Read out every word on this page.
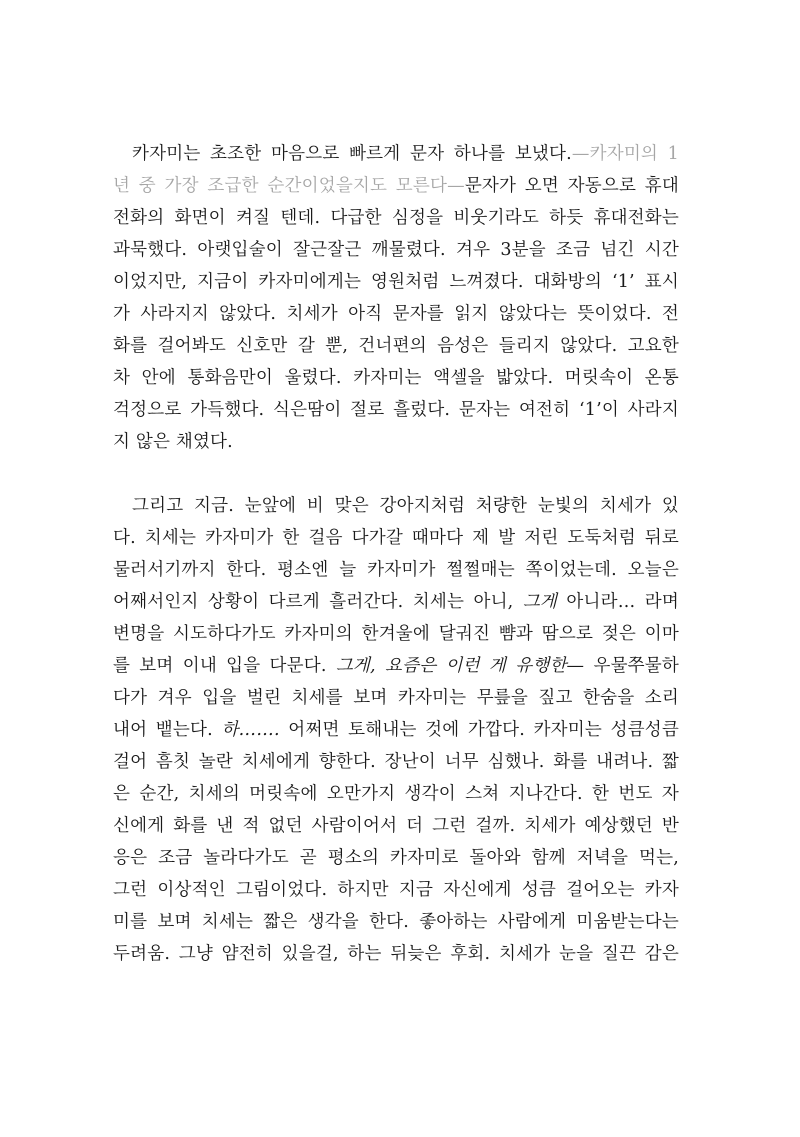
카자미는 초조한 마음으로 빠르게 문자 하나를 보냈다.—카자미의 1
년 중 가장 조급한 순간이었을지도 모른다—문자가 오면 자동으로 휴대
전화의 화면이 켜질 텐데. 다급한 심정을 비웃기라도 하듯 휴대전화는
과묵했다. 아랫입술이 잘근잘근 깨물렸다. 겨우 3분을 조금 넘긴 시간
이었지만, 지금이 카자미에게는 영원처럼 느껴졌다. 대화방의 ‘1’ 표시
가 사라지지 않았다. 치세가 아직 문자를 읽지 않았다는 뜻이었다. 전
화를 걸어봐도 신호만 갈 뿐, 건너편의 음성은 들리지 않았다. 고요한
차 안에 통화음만이 울렸다. 카자미는 액셀을 밟았다. 머릿속이 온통
걱정으로 가득했다. 식은땀이 절로 흘렀다. 문자는 여전히 ‘1’이 사라지
지 않은 채였다.
그리고 지금. 눈앞에 비 맞은 강아지처럼 처량한 눈빛의 치세가 있
다. 치세는 카자미가 한 걸음 다가갈 때마다 제 발 저린 도둑처럼 뒤로
물러서기까지 한다. 평소엔 늘 카자미가 쩔쩔매는 쪽이었는데. 오늘은
어째서인지 상황이 다르게 흘러간다. 치세는 아니, 그게 아니라… 라며
변명을 시도하다가도 카자미의 한겨울에 달궈진 뺨과 땀으로 젖은 이마
를 보며 이내 입을 다문다. 그게, 요즘은 이런 게 유행한— 우물쭈물하
다가 겨우 입을 벌린 치세를 보며 카자미는 무릎을 짚고 한숨을 소리
내어 뱉는다. 하……. 어쩌면 토해내는 것에 가깝다. 카자미는 성큼성큼
걸어 흠칫 놀란 치세에게 향한다. 장난이 너무 심했나. 화를 내려나. 짧
은 순간, 치세의 머릿속에 오만가지 생각이 스쳐 지나간다. 한 번도 자
신에게 화를 낸 적 없던 사람이어서 더 그런 걸까. 치세가 예상했던 반
응은 조금 놀라다가도 곧 평소의 카자미로 돌아와 함께 저녁을 먹는,
그런 이상적인 그림이었다. 하지만 지금 자신에게 성큼 걸어오는 카자
미를 보며 치세는 짧은 생각을 한다. 좋아하는 사람에게 미움받는다는
두려움. 그냥 얌전히 있을걸, 하는 뒤늦은 후회. 치세가 눈을 질끈 감은
